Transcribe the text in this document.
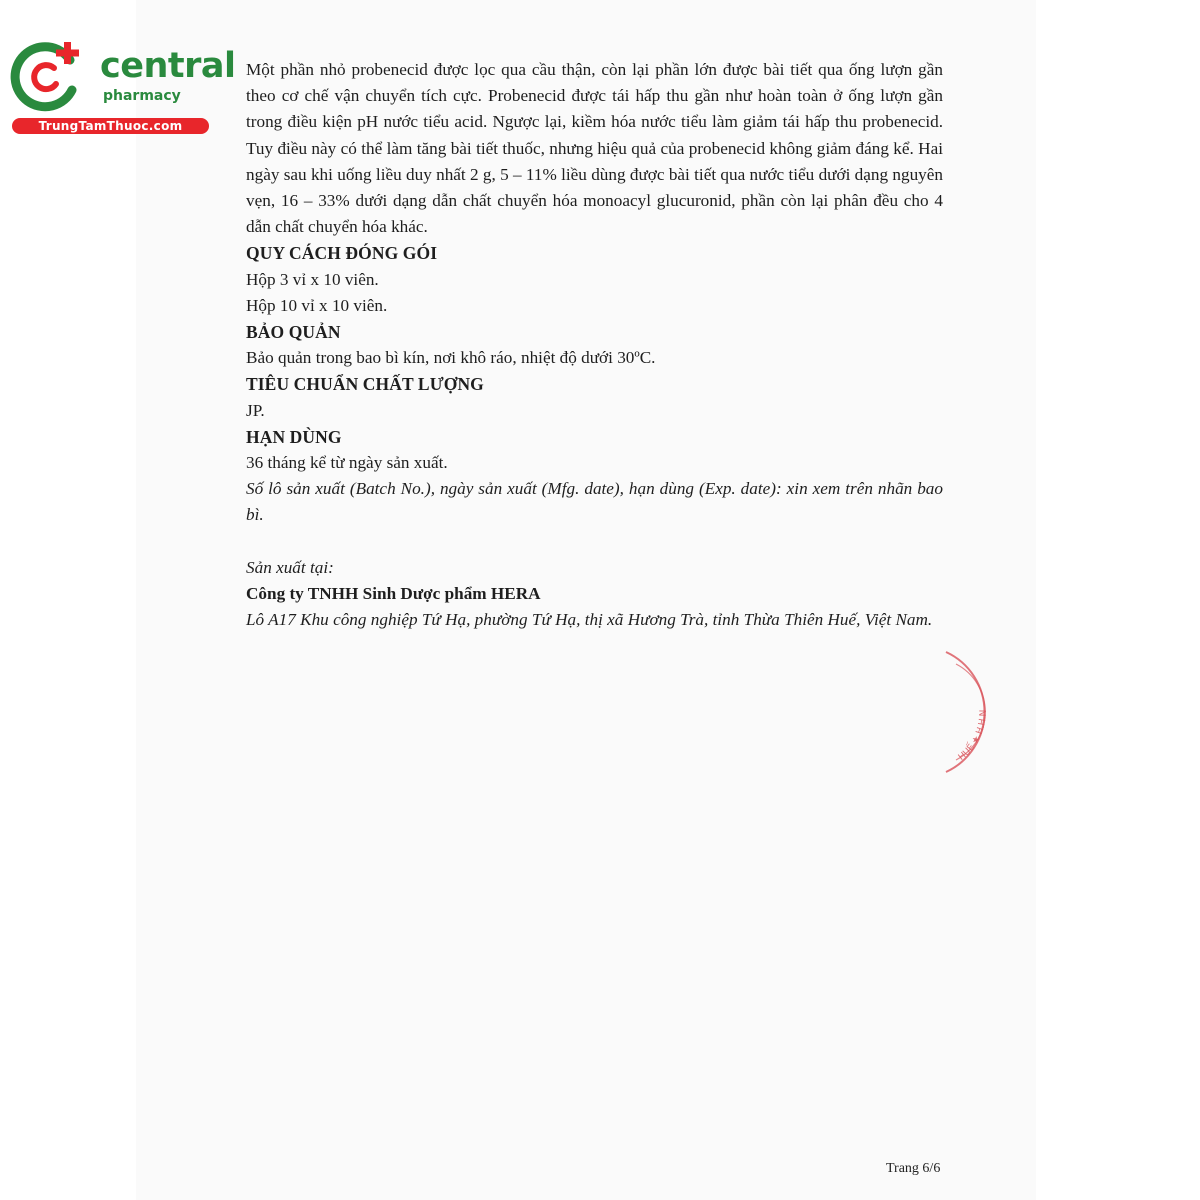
central
pharmacy
TrungTamThuoc.com

Một phần nhỏ probenecid được lọc qua cầu thận, còn lại phần lớn được bài tiết qua ống lượn gần theo cơ chế vận chuyển tích cực. Probenecid được tái hấp thu gần như hoàn toàn ở ống lượn gần trong điều kiện pH nước tiểu acid. Ngược lại, kiềm hóa nước tiểu làm giảm tái hấp thu probenecid. Tuy điều này có thể làm tăng bài tiết thuốc, nhưng hiệu quả của probenecid không giảm đáng kể. Hai ngày sau khi uống liều duy nhất 2 g, 5 – 11% liều dùng được bài tiết qua nước tiểu dưới dạng nguyên vẹn, 16 – 33% dưới dạng dẫn chất chuyển hóa monoacyl glucuronid, phần còn lại phân đều cho 4 dẫn chất chuyển hóa khác.

QUY CÁCH ĐÓNG GÓI

Hộp 3 vỉ x 10 viên.

Hộp 10 vỉ x 10 viên.

BẢO QUẢN

Bảo quản trong bao bì kín, nơi khô ráo, nhiệt độ dưới 30ºC.

TIÊU CHUẨN CHẤT LƯỢNG

JP.

HẠN DÙNG

36 tháng kể từ ngày sản xuất.

Số lô sản xuất (Batch No.), ngày sản xuất (Mfg. date), hạn dùng (Exp. date): xin xem trên nhãn bao bì.

Sản xuất tại:

Công ty TNHH Sinh Dược phẩm HERA

Lô A17 Khu công nghiệp Tứ Hạ, phường Tứ Hạ, thị xã Hương Trà, tỉnh Thừa Thiên Huế, Việt Nam.

HUẾ ★ H.H.N
Trang 6/6
